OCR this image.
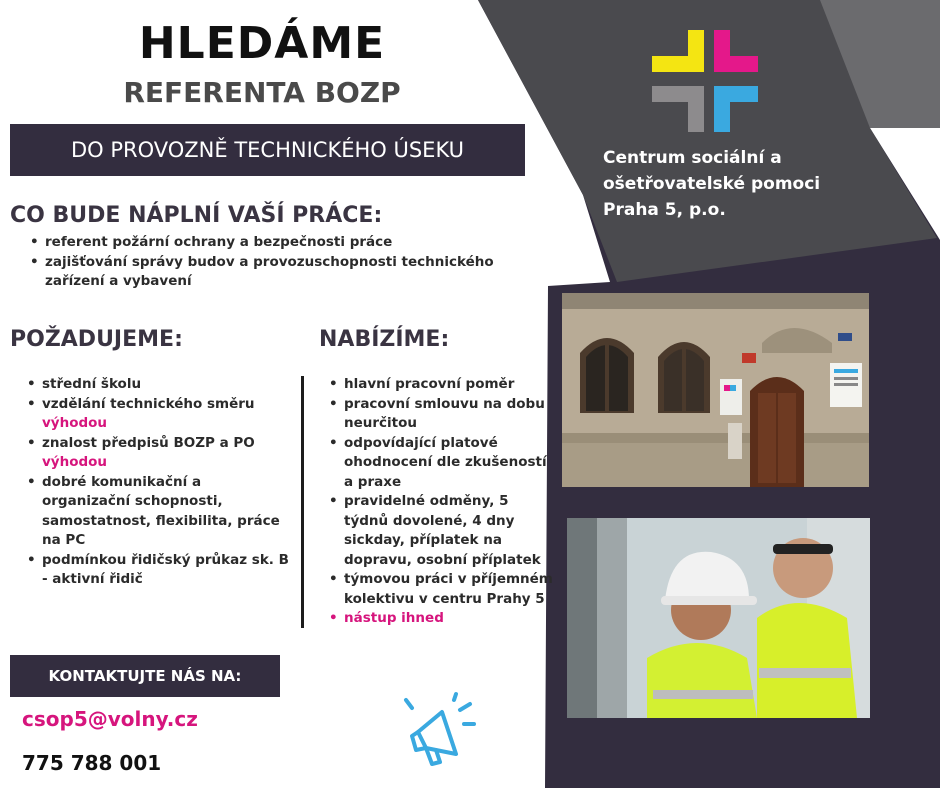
HLEDÁME
REFERENTA BOZP
DO PROVOZNĚ TECHNICKÉHO ÚSEKU	Centrum sociální a
ošetřovatelské pomoci
Praha 5, p.o.
CO BUDE NÁPLNÍ VAŠÍ PRÁCE:
• referent požární ochrany a bezpečnosti práce
• zajišťování správy budov a provozuschopnosti technického zařízení a vybavení
POŽADUJEME:
• střední školu
• vzdělání technického směru
výhodou
• znalost předpisů BOZP a PO
výhodou
• dobré komunikační a organizační schopnosti, samostatnost, flexibilita, práce na PC
• podmínkou řidičský průkaz sk. B - aktivní řidič
NABÍZÍME:
• hlavní pracovní poměr
• pracovní smlouvu na dobu neurčitou
• odpovídající platové ohodnocení dle zkušeností a praxe
• pravidelné odměny, 5 týdnů dovolené, 4 dny sickday, příplatek na dopravu, osobní příplatek
• týmovou práci v příjemném kolektivu v centru Prahy 5
• nástup ihned
KONTAKTUJTE NÁS NA:
csop5@volny.cz
775 788 001
